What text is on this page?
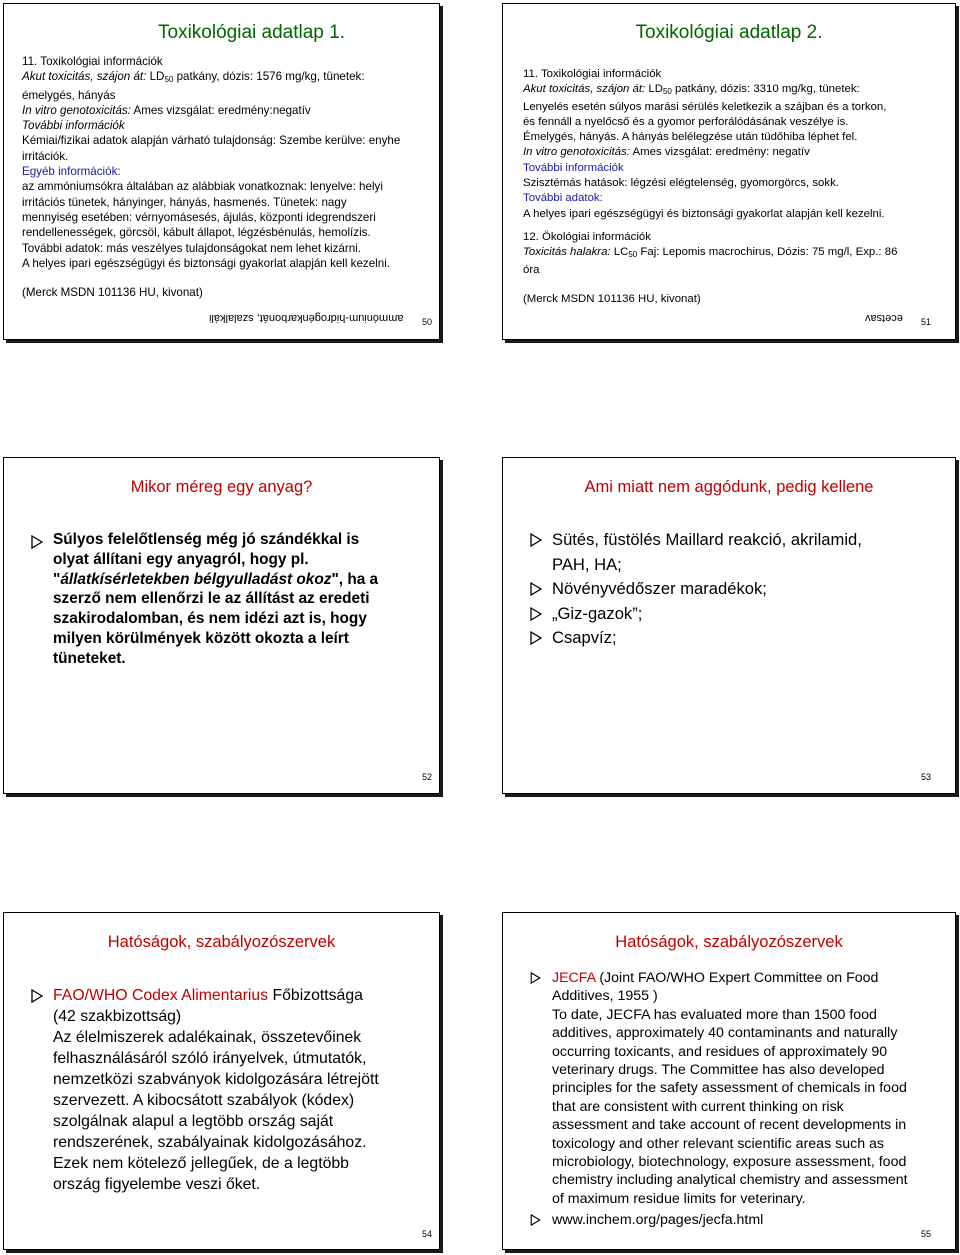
Toxikológiai adatlap 1.
11. Toxikológiai információk
Akut toxicitás, szájon át: $LD_{50}$ patkány, dózis: 1576 mg/kg, tünetek:
émelygés, hányás
In vitro genotoxicitás: Ames vizsgálat: eredmény:negatív
További információk
Kémiai/fizikai adatok alapján várható tulajdonság: Szembe kerülve: enyhe
irritációk.
Egyéb információk:
az ammóniumsókra általában az alábbiak vonatkoznak: lenyelve: helyi
irritációs tünetek, hányinger, hányás, hasmenés. Tünetek: nagy
mennyiség esetében: vérnyomásesés, ájulás, központi idegrendszeri
rendellenességek, görcsöl, kábult állapot, légzésbénulás, hemolízis.
További adatok: más veszélyes tulajdonságokat nem lehet kizárni.
A helyes ipari egészségügyi és biztonsági gyakorlat alapján kell kezelni.
(Merck MSDN 101136 HU, kivonat)
ammónium-hidrogénkarbonát, szalalkáli 50
Toxikológiai adatlap 2.
11. Toxikológiai információk
Akut toxicitás, szájon át: $LD_{50}$ patkány, dózis: 3310 mg/kg, tünetek:
Lenyelés esetén súlyos marási sérülés keletkezik a szájban és a torkon,
és fennáll a nyelőcső és a gyomor perforálódásának veszélye is.
Émelygés, hányás. A hányás belélegzése után tüdőhiba léphet fel.
In vitro genotoxicitás: Ames vizsgálat: eredmény: negatív
További információk
Szisztémás hatások: légzési elégtelenség, gyomorgörcs, sokk.
További adatok:
A helyes ipari egészségügyi és biztonsági gyakorlat alapján kell kezelni.
12. Ökológiai információk
Toxicitás halakra: $LC_{50}$ Faj: Lepomis macrochirus, Dózis: 75 mg/l, Exp.: 86
óra
(Merck MSDN 101136 HU, kivonat)
ecetsav 51
Mikor méreg egy anyag?
Súlyos felelőtlenség még jó szándékkal is
olyat állítani egy anyagról, hogy pl.
"állatkísérletekben bélgyulladást okoz", ha a
szerző nem ellenőrzi le az állítást az eredeti
szakirodalomban, és nem idézi azt is, hogy
milyen körülmények között okozta a leírt
tüneteket.
52
Ami miatt nem aggódunk, pedig kellene
Sütés, füstölés Maillard reakció, akrilamid,
PAH, HA;
Növényvédőszer maradékok;
„Giz-gazok”;
Csapvíz;
53
Hatóságok, szabályozószervek
FAO/WHO Codex Alimentarius Főbizottsága
(42 szakbizottság)
Az élelmiszerek adalékainak, összetevőinek
felhasználásáról szóló irányelvek, útmutatók,
nemzetközi szabványok kidolgozására létrejött
szervezett. A kibocsátott szabályok (kódex)
szolgálnak alapul a legtöbb ország saját
rendszerének, szabályainak kidolgozásához.
Ezek nem kötelező jellegűek, de a legtöbb
ország figyelembe veszi őket.
54
Hatóságok, szabályozószervek
JECFA (Joint FAO/WHO Expert Committee on Food
Additives, 1955 )
To date, JECFA has evaluated more than 1500 food
additives, approximately 40 contaminants and naturally
occurring toxicants, and residues of approximately 90
veterinary drugs. The Committee has also developed
principles for the safety assessment of chemicals in food
that are consistent with current thinking on risk
assessment and take account of recent developments in
toxicology and other relevant scientific areas such as
microbiology, biotechnology, exposure assessment, food
chemistry including analytical chemistry and assessment
of maximum residue limits for veterinary.
www.inchem.org/pages/jecfa.html
55
